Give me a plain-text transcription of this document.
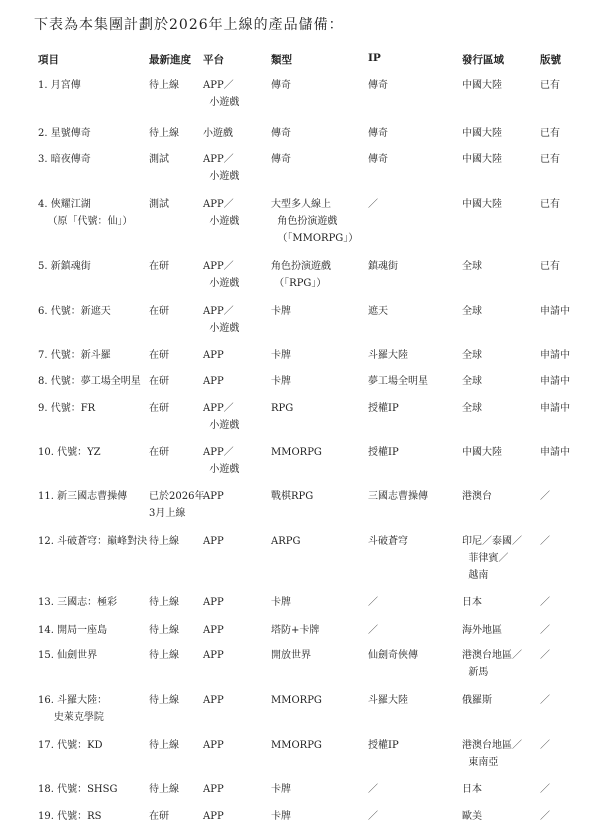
下表為本集團計劃於2026年上線的產品儲備：
項目	最新進度 平台	類型	IP	發行區域	版號
1. 月宮傳	待上線 APP／
小遊戲
傳奇	傳奇	中國大陸	已有
2. 星號傳奇	待上線 小遊戲	傳奇	傳奇	中國大陸	已有
3. 暗夜傳奇	測試	APP／
小遊戲
傳奇	傳奇	中國大陸	已有
4. 俠耀江湖
（原「代號：仙」）
測試	APP／
小遊戲
大型多人線上
角色扮演遊戲
（「MMORPG」）
／	中國大陸	已有
5. 新鎮魂街	在研	APP／
小遊戲
角色扮演遊戲
（「RPG」）
鎮魂街	全球	已有
6. 代號：新遮天	在研	APP／
小遊戲
卡牌	遮天	全球	申請中
7. 代號：新斗羅	在研	APP	卡牌	斗羅大陸	全球	申請中
8. 代號：夢工場全明星 在研	APP	卡牌	夢工場全明星	全球	申請中
9. 代號：FR	在研	APP／
小遊戲
RPG	授權IP	全球	申請中
10. 代號：YZ	在研	APP／
小遊戲
MMORPG	授權IP	中國大陸	申請中
11. 新三國志曹操傳 已於2026年
3月上線
APP	戰棋RPG	三國志曹操傳	港澳台	／
12. 斗破蒼穹：巔峰對決 待上線 APP	ARPG	斗破蒼穹	印尼／泰國／
菲律賓／
越南
／
13. 三國志：極彩	待上線 APP	卡牌	／	日本	／
14. 開局一座島	待上線 APP	塔防+卡牌	／	海外地區	／
15. 仙劍世界	待上線 APP	開放世界	仙劍奇俠傳	港澳台地區／
新馬
／
16. 斗羅大陸：
史萊克學院
待上線 APP	MMORPG	斗羅大陸	俄羅斯	／
17. 代號：KD	待上線 APP	MMORPG	授權IP	港澳台地區／
東南亞
／
18. 代號：SHSG	待上線 APP	卡牌	／	日本	／
19. 代號：RS	在研	APP	卡牌	／	歐美	／
